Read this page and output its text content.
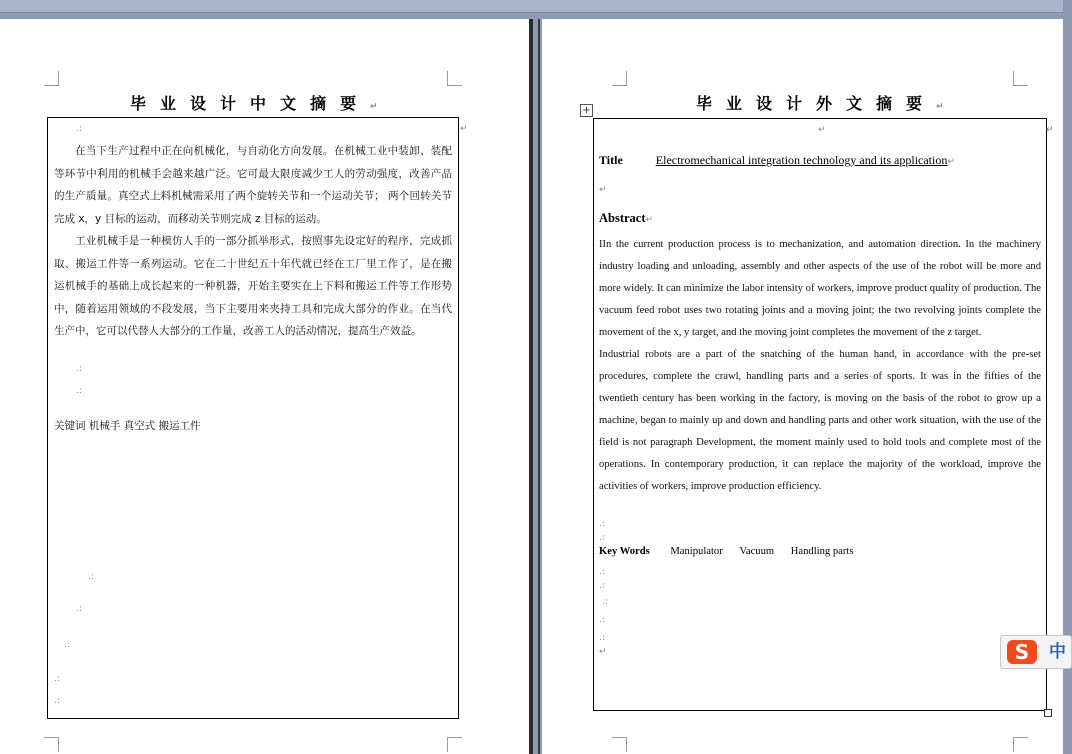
毕业设计中文摘要↵
.:

在当下生产过程中正在向机械化，与自动化方向发展。在机械工业中装卸、装配等环节中利用的机械手会越来越广泛。它可最大限度减少工人的劳动强度，改善产品的生产质量。真空式上料机械需采用了两个旋转关节和一个运动关节； 两个回转关节完成 x，y 目标的运动，而移动关节则完成 z 目标的运动。

工业机械手是一种模仿人手的一部分抓举形式，按照事先设定好的程序，完成抓取、搬运工件等一系列运动。它在二十世纪五十年代就已经在工厂里工作了，是在搬运机械手的基础上成长起来的一种机器，开始主要实在上下料和搬运工件等工作形势中，随着运用领域的不段发展，当下主要用来夹持工具和完成大部分的作业。在当代生产中，它可以代替人大部分的工作量，改善工人的活动情况，提高生产效益。

.:
.:
关键词 机械手 真空式 搬运工件
.:
.:
.:
.:
.:
↵
毕业设计外文摘要↵
+
↵
Title	Electromechanical integration technology and its application↵
↵
Abstract↵

IIn the current production process is to mechanization, and automation direction. In the machinery industry loading and unloading, assembly and other aspects of the use of the robot will be more and more widely. It can minimize the labor intensity of workers, improve product quality of production. The vacuum feed robot uses two rotating joints and a moving joint; the two revolving joints complete the movement of the x, y target, and the moving joint completes the movement of the z target.

Industrial robots are a part of the snatching of the human hand, in accordance with the pre-set procedures, complete the crawl, handling parts and a series of sports. It was in the fifties of the twentieth century has been working in the factory, is moving on the basis of the robot to grow up a machine, began to mainly up and down and handling parts and other work situation, with the use of the field is not paragraph Development, the moment mainly used to hold tools and complete most of the operations. In contemporary production, it can replace the majority of the workload, improve the activities of workers, improve production efficiency.

.:
.:
Key Words Manipulator Vacuum Handling parts
.:
.:
.:
.:
.:
↵
↵
S	中
